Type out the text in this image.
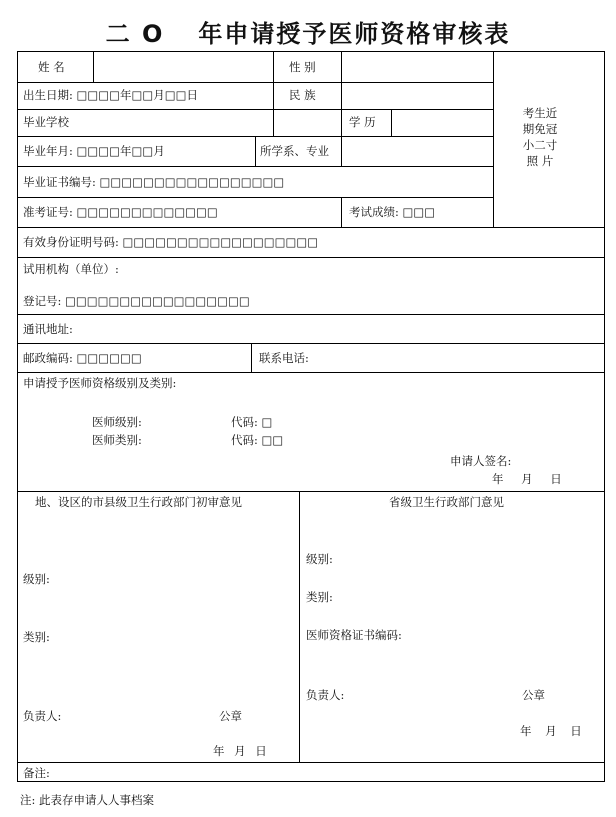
二 O 年申请授予医师资格审核表
姓 名	性 别
出生日期: □□□□年□□月□□日	民 族
毕业学校	学 历
毕业年月: □□□□年□□月	所学系、专业
毕业证书编号: □□□□□□□□□□□□□□□□□
准考证号: □□□□□□□□□□□□□	考试成绩: □□□
有效身份证明号码: □□□□□□□□□□□□□□□□□□
试用机构（单位）:
登记号: □□□□□□□□□□□□□□□□□
通讯地址:
邮政编码: □□□□□□	联系电话:
申请授予医师资格级别及类别:
医师级别:	代码: □
医师类别:	代码: □□
申请人签名:
年 月 日
地、设区的市县级卫生行政部门初审意见
级别:
类别:
负责人:	公章
年 月 日
省级卫生行政部门意见
级别:
类别:
医师资格证书编码:
负责人:	公章
年 月 日
备注:
考生近
期免冠
小二寸
照 片
注: 此表存申请人人事档案
